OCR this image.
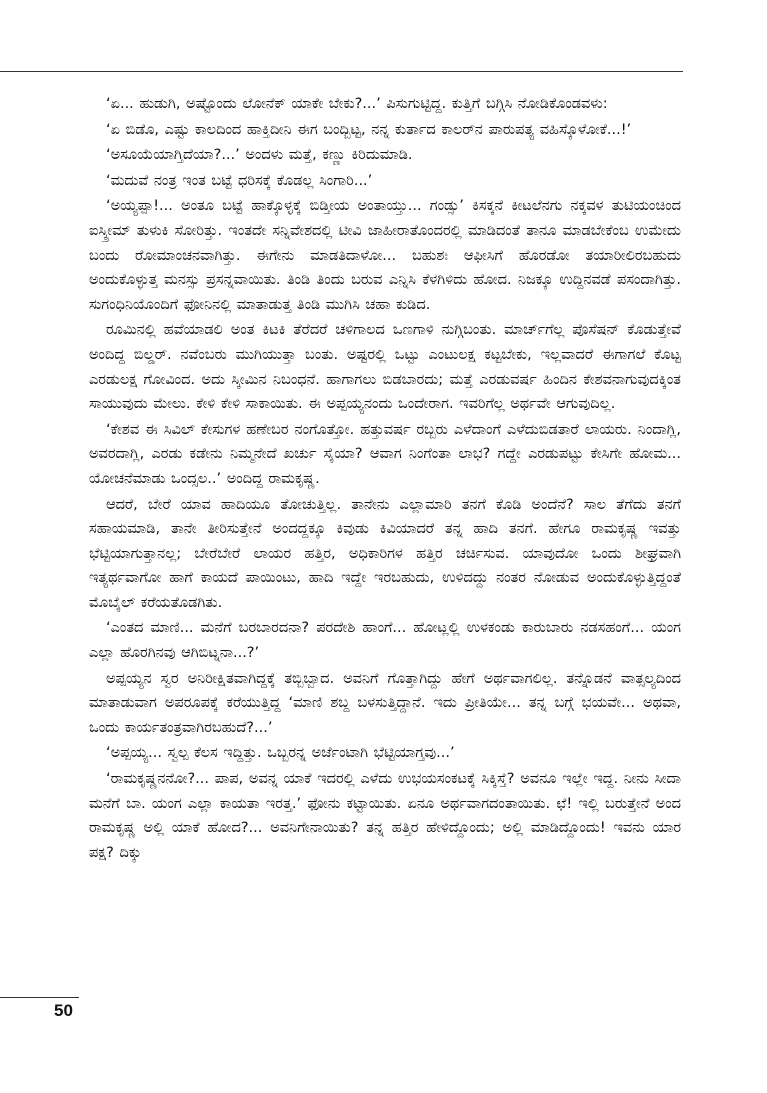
‘ಏ... ಹುಡುಗಿ, ಅಷ್ಟೊಂದು ಲೋನೆಕ್ ಯಾಕೇ ಬೇಕು?...’ ಪಿಸುಗುಟ್ಟಿದ್ದ. ಕುತ್ತಿಗೆ ಬಗ್ಗಿಸಿ ನೋಡಿಕೊಂಡವಳು:

‘ಏ ಬಿಡೊ, ಎಷ್ಟು ಕಾಲದಿಂದ ಹಾಕ್ತಿದೀನಿ ಈಗ ಬಂದ್ಬಿಟ್ಟ, ನನ್ನ ಕುರ್ತಾದ ಕಾಲರ್‌ನ ಪಾರುಪತ್ಯ ವಹಿಸ್ಕೊಳೋಕೆ...!’

‘ಅಸೂಯೆಯಾಗ್ತಿದೆಯಾ?...’ ಅಂದಳು ಮತ್ತೆ, ಕಣ್ಣು ಕಿರಿದುಮಾಡಿ.

‘ಮದುವೆ ನಂತ್ರ ಇಂತ ಬಟ್ಟೆ ಧರಿಸಕ್ಕೆ ಕೊಡಲ್ಲ ಸಿಂಗಾರಿ...’

‘ಅಯ್ಯಪ್ಪಾ!... ಅಂತೂ ಬಟ್ಟೆ ಹಾಕ್ಕೊಳ್ಳಕ್ಕೆ ಬಿಡ್ತೀಯ ಅಂತಾಯ್ತು... ಗಂಡ್ಸು’ ಕಿಸಕ್ಕನೆ ಕೀಟಲೆನಗು ನಕ್ಕವಳ ತುಟಿಯಂಚಿಂದ ಐಸ್ಕ್ರೀಮ್ ತುಳುಕಿ ಸೋರಿತ್ತು. ಇಂತದೇ ಸನ್ನಿವೇಶದಲ್ಲಿ ಟೀವಿ ಜಾಹೀರಾತೊಂದರಲ್ಲಿ ಮಾಡಿದಂತೆ ತಾನೂ ಮಾಡಬೇಕೆಂಬ ಉಮೇದು ಬಂದು ರೋಮಾಂಚನವಾಗಿತ್ತು. ಈಗೇನು ಮಾಡತಿದಾಳೋ... ಬಹುಶಃ ಆಫೀಸಿಗೆ ಹೊರಡೋ ತಯಾರೀಲಿರಬಹುದು ಅಂದುಕೊಳ್ಳುತ್ತ ಮನಸ್ಸು ಪ್ರಸನ್ನವಾಯಿತು. ತಿಂಡಿ ತಿಂದು ಬರುವ ಎನ್ನಿಸಿ ಕೆಳಗಿಳಿದು ಹೋದ. ನಿಜಕ್ಕೂ ಉದ್ದಿನವಡೆ ಪಸಂದಾಗಿತ್ತು. ಸುಗಂಧಿನಿಯೊಂದಿಗೆ ಫೋನಿನಲ್ಲಿ ಮಾತಾಡುತ್ತ ತಿಂಡಿ ಮುಗಿಸಿ ಚಹಾ ಕುಡಿದ.

ರೂಮಿನಲ್ಲಿ ಹವೆಯಾಡಲಿ ಅಂತ ಕಿಟಕಿ ತೆರೆದರೆ ಚಳಿಗಾಲದ ಒಣಗಾಳಿ ನುಗ್ಗಿಬಂತು. ಮಾರ್ಚ್‌ಗೆಲ್ಲ ಪೊಸೆಷನ್ ಕೊಡುತ್ತೇವೆ ಅಂದಿದ್ದ ಬಿಲ್ಡರ್. ನವೆಂಬರು ಮುಗಿಯುತ್ತಾ ಬಂತು. ಅಷ್ಟರಲ್ಲಿ ಒಟ್ಟು ಎಂಟುಲಕ್ಷ ಕಟ್ಟಬೇಕು, ಇಲ್ಲವಾದರೆ ಈಗಾಗಲೆ ಕೊಟ್ಟ ಎರಡುಲಕ್ಷ ಗೋವಿಂದ. ಅದು ಸ್ಕೀಮಿನ ನಿಬಂಧನೆ. ಹಾಗಾಗಲು ಬಿಡಬಾರದು; ಮತ್ತೆ ಎರಡುವರ್ಷ ಹಿಂದಿನ ಕೇಶವನಾಗುವುದಕ್ಕಿಂತ ಸಾಯುವುದು ಮೇಲು. ಕೇಳಿ ಕೇಳಿ ಸಾಕಾಯಿತು. ಈ ಅಪ್ಪಯ್ಯನಂದು ಒಂದೇರಾಗ. ಇವರಿಗೆಲ್ಲ ಅರ್ಥವೇ ಆಗುವುದಿಲ್ಲ.

‘ಕೇಶವ ಈ ಸಿವಿಲ್ ಕೇಸುಗಳ ಹಣೇಬರ ನಂಗೊತ್ತೋ. ಹತ್ತುವರ್ಷ ರಬ್ಬರು ಎಳೆದಾಂಗೆ ಎಳೆದುಬಿಡತಾರೆ ಲಾಯರು. ನಿಂದಾಗ್ಲಿ, ಅವರದಾಗ್ಲಿ, ಎರಡು ಕಡೇನು ನಿಮ್ಮನೇದೆ ಖರ್ಚು ಸೈಯಾ? ಆವಾಗ ನಿಂಗೆಂತಾ ಲಾಭ? ಗದ್ದೇ ಎರಡುಪಟ್ಟು ಕೇಸಿಗೇ ಹೋಮ... ಯೋಚನೆಮಾಡು ಒಂದ್ಸಲ..’ ಅಂದಿದ್ದ ರಾಮಕೃಷ್ಣ.

ಆದರೆ, ಬೇರೆ ಯಾವ ಹಾದಿಯೂ ತೋಚುತ್ತಿಲ್ಲ. ತಾನೇನು ಎಲ್ಲಾಮಾರಿ ತನಗೆ ಕೊಡಿ ಅಂದೆನೆ? ಸಾಲ ತೆಗೆದು ತನಗೆ ಸಹಾಯಮಾಡಿ, ತಾನೇ ತೀರಿಸುತ್ತೇನೆ ಅಂದದ್ದಕ್ಕೂ ಕಿವುಡು ಕಿವಿಯಾದರೆ ತನ್ನ ಹಾದಿ ತನಗೆ. ಹೇಗೂ ರಾಮಕೃಷ್ಣ ಇವತ್ತು ಭೆಟ್ಟಿಯಾಗುತ್ತಾನಲ್ಲ; ಬೇರೆಬೇರೆ ಲಾಯರ ಹತ್ತಿರ, ಅಧಿಕಾರಿಗಳ ಹತ್ತಿರ ಚರ್ಚಿಸುವ. ಯಾವುದೋ ಒಂದು ಶೀಘ್ರವಾಗಿ ಇತ್ಯರ್ಥವಾಗೋ ಹಾಗೆ ಕಾಯದೆ ಪಾಯಿಂಟು, ಹಾದಿ ಇದ್ದೇ ಇರಬಹುದು, ಉಳಿದದ್ದು ನಂತರ ನೋಡುವ ಅಂದುಕೊಳ್ಳುತ್ತಿದ್ದಂತೆ ಮೊಬೈಲ್ ಕರೆಯತೊಡಗಿತು.

‘ಎಂತದ ಮಾಣಿ... ಮನೆಗೆ ಬರಬಾರದನಾ? ಪರದೇಶಿ ಹಾಂಗೆ... ಹೋಟ್ಲಲ್ಲಿ ಉಳಕಂಡು ಕಾರುಬಾರು ನಡಸಹಂಗೆ... ಯಂಗ ಎಲ್ಲಾ ಹೊರಗಿನವು ಆಗಿಬಿಟ್ನನಾ...?’

ಅಪ್ಪಯ್ಯನ ಸ್ವರ ಅನಿರೀಕ್ಷಿತವಾಗಿದ್ದಕ್ಕೆ ತಬ್ಬಿಬ್ಬಾದ. ಅವನಿಗೆ ಗೊತ್ತಾಗಿದ್ದು ಹೇಗೆ ಅರ್ಥವಾಗಲಿಲ್ಲ. ತನ್ನೊಡನೆ ವಾತ್ಸಲ್ಯದಿಂದ ಮಾತಾಡುವಾಗ ಅಪರೂಪಕ್ಕೆ ಕರೆಯುತ್ತಿದ್ದ ‘ಮಾಣಿ ಶಬ್ದ ಬಳಸುತ್ತಿದ್ದಾನೆ. ಇದು ಪ್ರೀತಿಯೇ... ತನ್ನ ಬಗ್ಗೆ ಭಯವೇ... ಅಥವಾ, ಒಂದು ಕಾರ್ಯತಂತ್ರವಾಗಿರಬಹುದೆ?...’

‘ಅಪ್ಪಯ್ಯ... ಸ್ವಲ್ಪ ಕೆಲಸ ಇದ್ದಿತ್ತು. ಒಬ್ಬರನ್ನ ಅರ್ಜೆಂಟಾಗಿ ಭೆಟ್ಟಿಯಾಗ್ತವು...’

‘ರಾಮಕೃಷ್ಣನನೋ?... ಪಾಪ, ಅವನ್ನ ಯಾಕೆ ಇದರಲ್ಲಿ ಎಳೆದು ಉಭಯಸಂಕಟಕ್ಕೆ ಸಿಕ್ಕಿಸ್ತೆ? ಅವನೂ ಇಲ್ಲೇ ಇದ್ದ. ನೀನು ಸೀದಾ ಮನೆಗೆ ಬಾ. ಯಂಗ ಎಲ್ಲಾ ಕಾಯತಾ ಇರತ್ತ.’ ಫೋನು ಕಟ್ಟಾಯಿತು. ಏನೂ ಅರ್ಥವಾಗದಂತಾಯಿತು. ಛೆ! ಇಲ್ಲಿ ಬರುತ್ತೇನೆ ಅಂದ ರಾಮಕೃಷ್ಣ ಅಲ್ಲಿ ಯಾಕೆ ಹೋದ?... ಅವನಿಗೇನಾಯಿತು? ತನ್ನ ಹತ್ತಿರ ಹೇಳಿದ್ದೊಂದು; ಅಲ್ಲಿ ಮಾಡಿದ್ದೊಂದು! ಇವನು ಯಾರ ಪಕ್ಷ? ದಿಕ್ಕು

50
